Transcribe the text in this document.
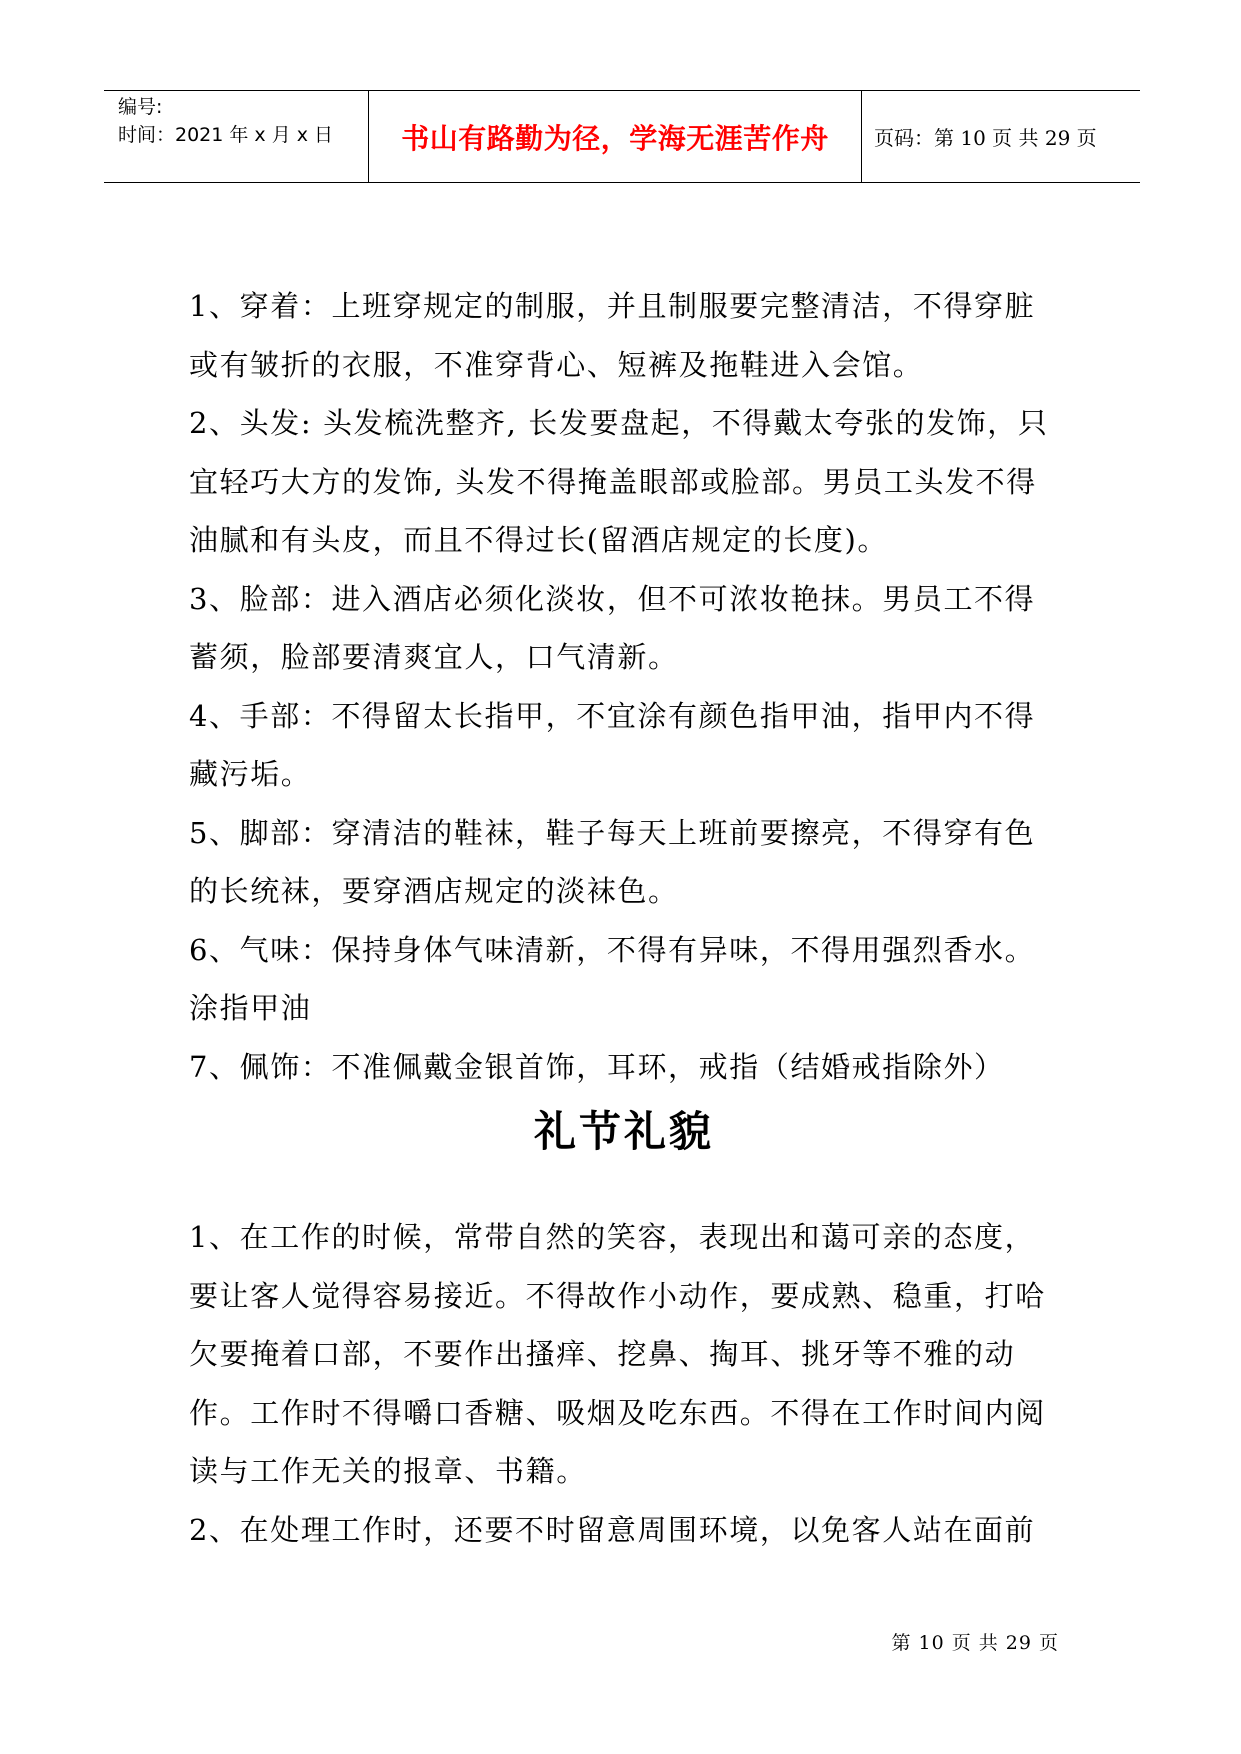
编号:
时间：2021 年 x 月 x 日	书山有路勤为径，学海无涯苦作舟	页码：第 10 页 共 29 页

1、穿着：上班穿规定的制服，并且制服要完整清洁，不得穿脏或有皱折的衣服，不准穿背心、短裤及拖鞋进入会馆。

2、头发: 头发梳洗整齐, 长发要盘起，不得戴太夸张的发饰，只宜轻巧大方的发饰, 头发不得掩盖眼部或脸部。男员工头发不得油腻和有头皮，而且不得过长(留酒店规定的长度)。

3、脸部：进入酒店必须化淡妆，但不可浓妆艳抹。男员工不得蓄须，脸部要清爽宜人，口气清新。

4、手部：不得留太长指甲，不宜涂有颜色指甲油，指甲内不得藏污垢。

5、脚部：穿清洁的鞋袜，鞋子每天上班前要擦亮，不得穿有色的长统袜，要穿酒店规定的淡袜色。

6、气味：保持身体气味清新，不得有异味，不得用强烈香水。涂指甲油

7、佩饰：不准佩戴金银首饰，耳环，戒指（结婚戒指除外）

礼节礼貌

1、在工作的时候，常带自然的笑容，表现出和蔼可亲的态度，要让客人觉得容易接近。不得故作小动作，要成熟、稳重，打哈欠要掩着口部，不要作出搔痒、挖鼻、掏耳、挑牙等不雅的动作。工作时不得嚼口香糖、吸烟及吃东西。不得在工作时间内阅读与工作无关的报章、书籍。

2、在处理工作时，还要不时留意周围环境，以免客人站在面前

第 10 页 共 29 页
